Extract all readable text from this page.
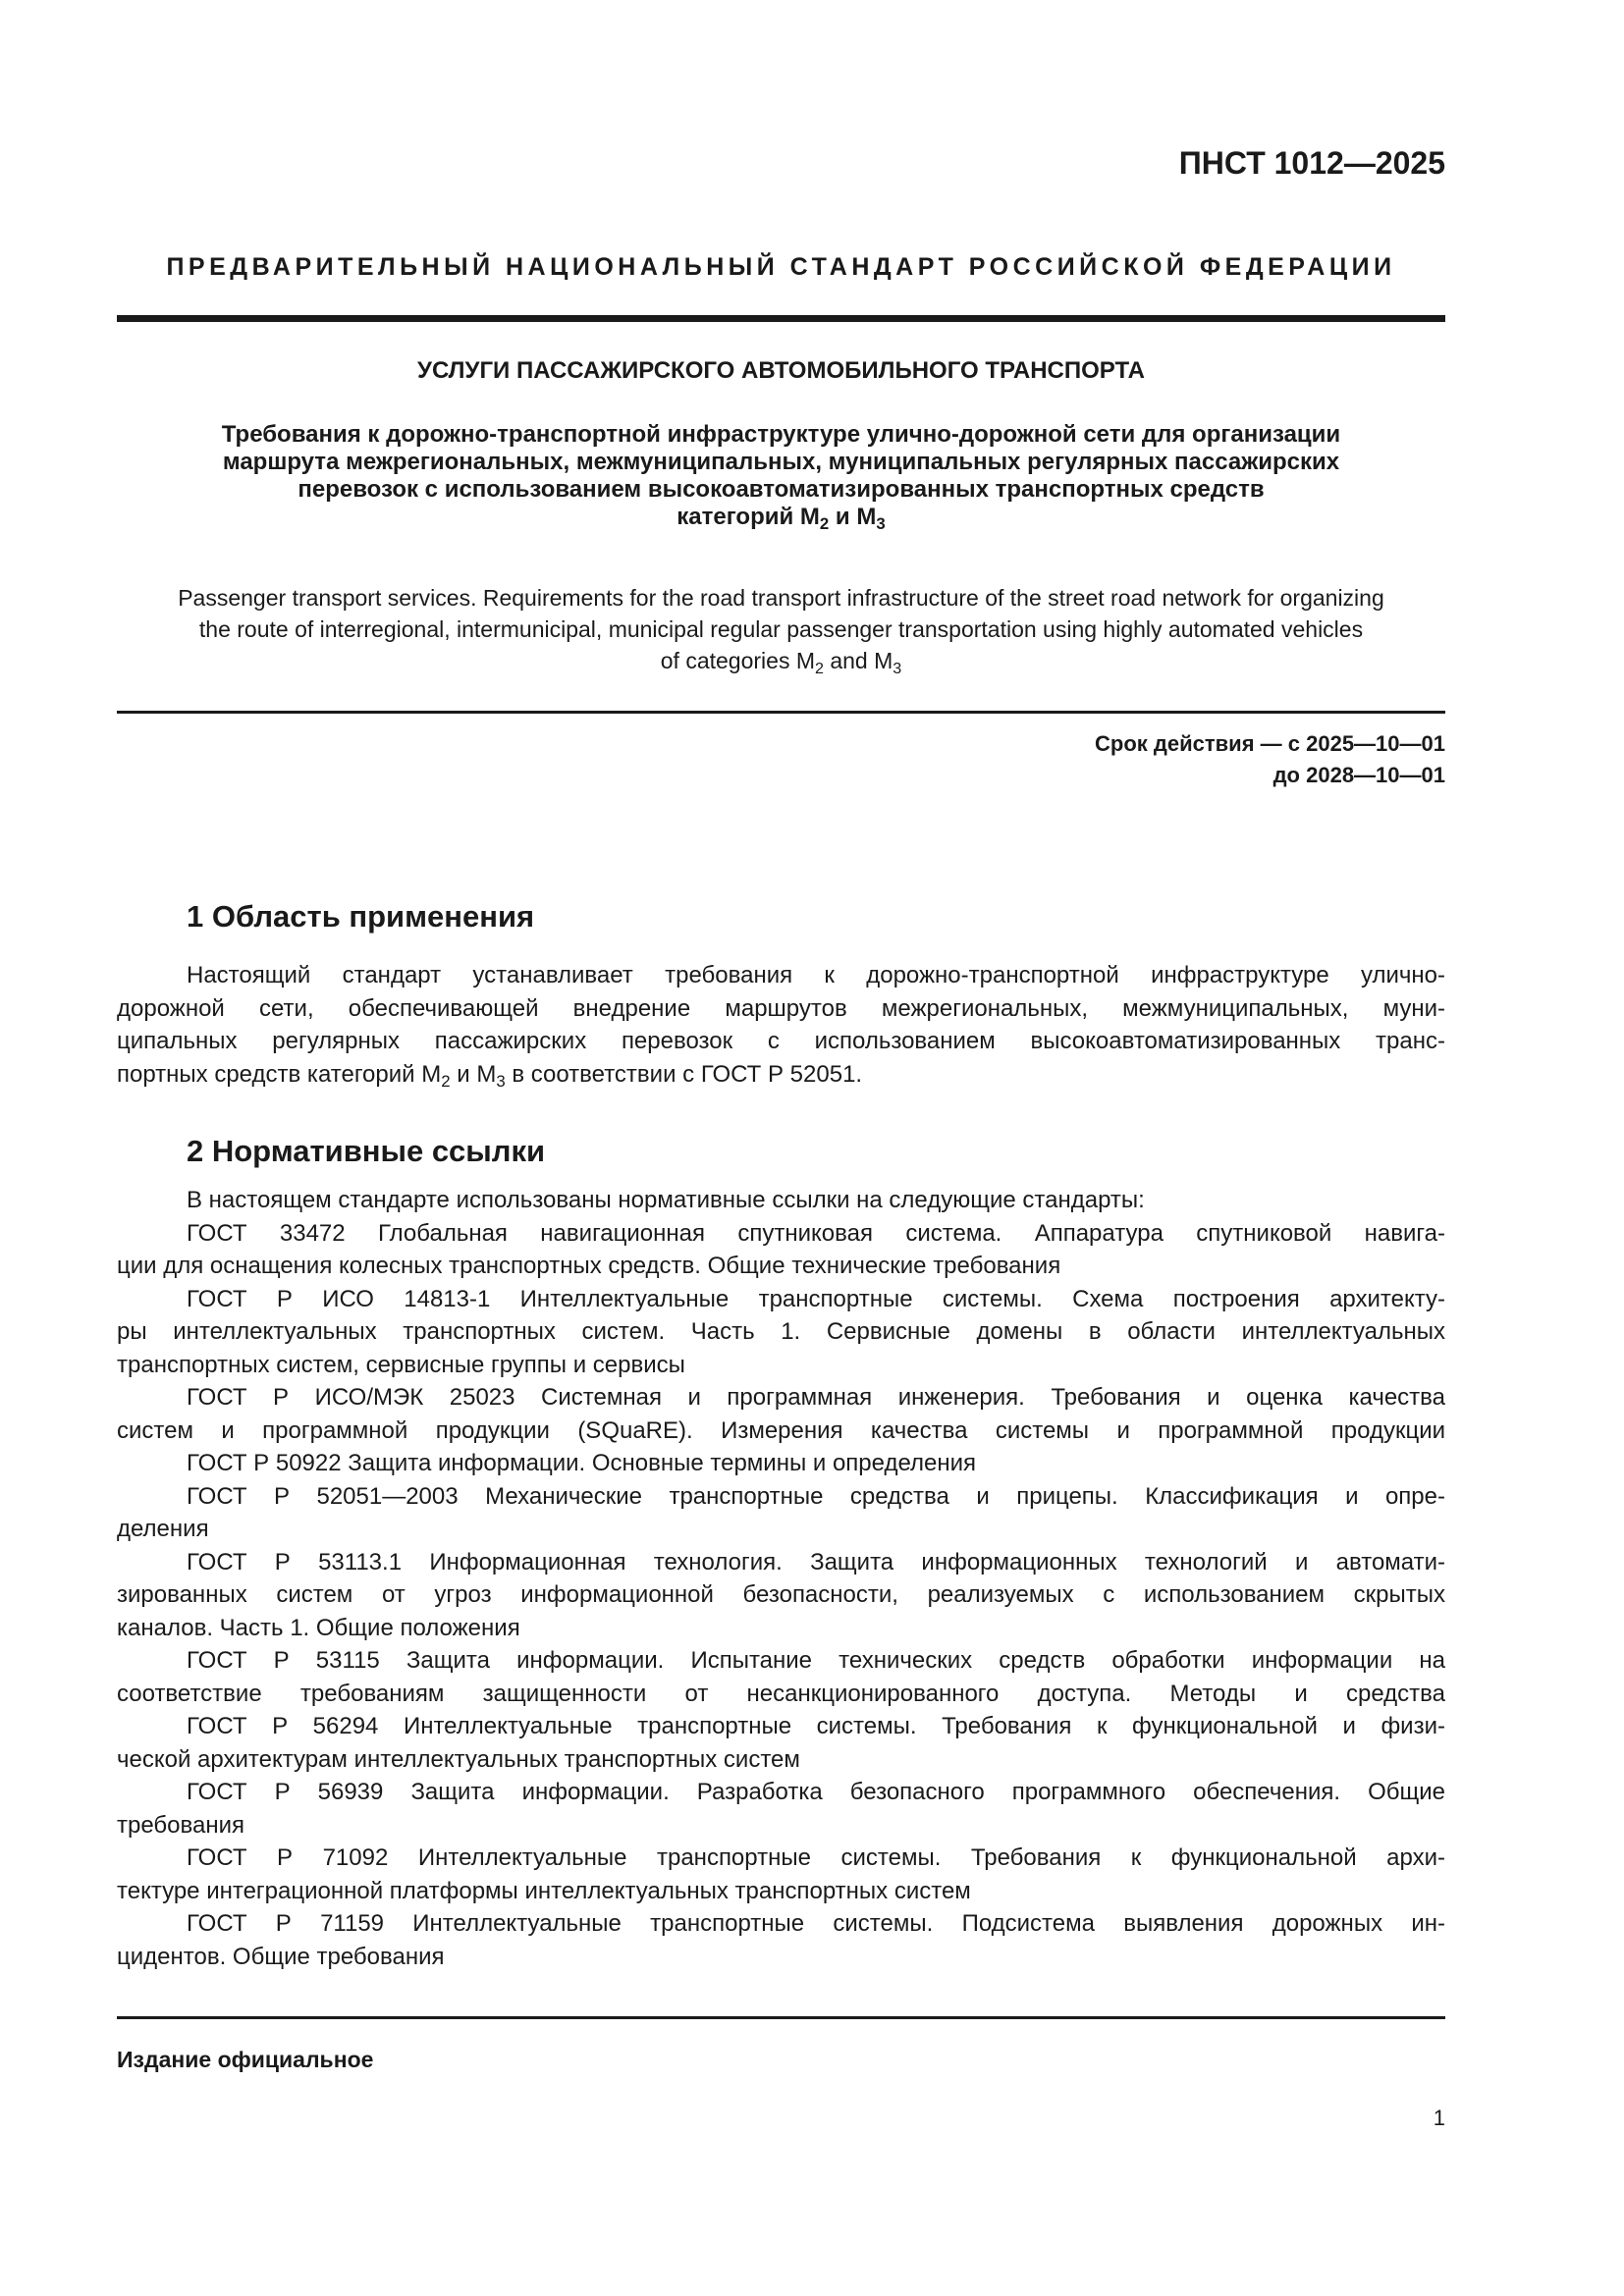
ПНСТ 1012—2025
ПРЕДВАРИТЕЛЬНЫЙ НАЦИОНАЛЬНЫЙ СТАНДАРТ РОССИЙСКОЙ ФЕДЕРАЦИИ
УСЛУГИ ПАССАЖИРСКОГО АВТОМОБИЛЬНОГО ТРАНСПОРТА
Требования к дорожно-транспортной инфраструктуре улично-дорожной сети для организации
маршрута межрегиональных, межмуниципальных, муниципальных регулярных пассажирских
перевозок с использованием высокоавтоматизированных транспортных средств
категорий $M_2$ и $M_3$
Passenger transport services. Requirements for the road transport infrastructure of the street road network for organizing
the route of interregional, intermunicipal, municipal regular passenger transportation using highly automated vehicles
of categories $M_2$ and $M_3$
Срок действия — с 2025—10—01
до 2028—10—01
1 Область применения
Настоящий стандарт устанавливает требования к дорожно-транспортной инфраструктуре улично-
дорожной сети, обеспечивающей внедрение маршрутов межрегиональных, межмуниципальных, муни-
ципальных регулярных пассажирских перевозок с использованием высокоавтоматизированных транс-
портных средств категорий $M_2$ и $M_3$ в соответствии с ГОСТ Р 52051.
2 Нормативные ссылки
В настоящем стандарте использованы нормативные ссылки на следующие стандарты:
ГОСТ 33472 Глобальная навигационная спутниковая система. Аппаратура спутниковой навига-
ции для оснащения колесных транспортных средств. Общие технические требования
ГОСТ Р ИСО 14813-1 Интеллектуальные транспортные системы. Схема построения архитекту-
ры интеллектуальных транспортных систем. Часть 1. Сервисные домены в области интеллектуальных
транспортных систем, сервисные группы и сервисы
ГОСТ Р ИСО/МЭК 25023 Системная и программная инженерия. Требования и оценка качества
систем и программной продукции (SQuaRE). Измерения качества системы и программной продукции
ГОСТ Р 50922 Защита информации. Основные термины и определения
ГОСТ Р 52051—2003 Механические транспортные средства и прицепы. Классификация и опре-
деления
ГОСТ Р 53113.1 Информационная технология. Защита информационных технологий и автомати-
зированных систем от угроз информационной безопасности, реализуемых с использованием скрытых
каналов. Часть 1. Общие положения
ГОСТ Р 53115 Защита информации. Испытание технических средств обработки информации на
соответствие требованиям защищенности от несанкционированного доступа. Методы и средства
ГОСТ Р 56294 Интеллектуальные транспортные системы. Требования к функциональной и физи-
ческой архитектурам интеллектуальных транспортных систем
ГОСТ Р 56939 Защита информации. Разработка безопасного программного обеспечения. Общие
требования
ГОСТ Р 71092 Интеллектуальные транспортные системы. Требования к функциональной архи-
тектуре интеграционной платформы интеллектуальных транспортных систем
ГОСТ Р 71159 Интеллектуальные транспортные системы. Подсистема выявления дорожных ин-
цидентов. Общие требования
Издание официальное
1
